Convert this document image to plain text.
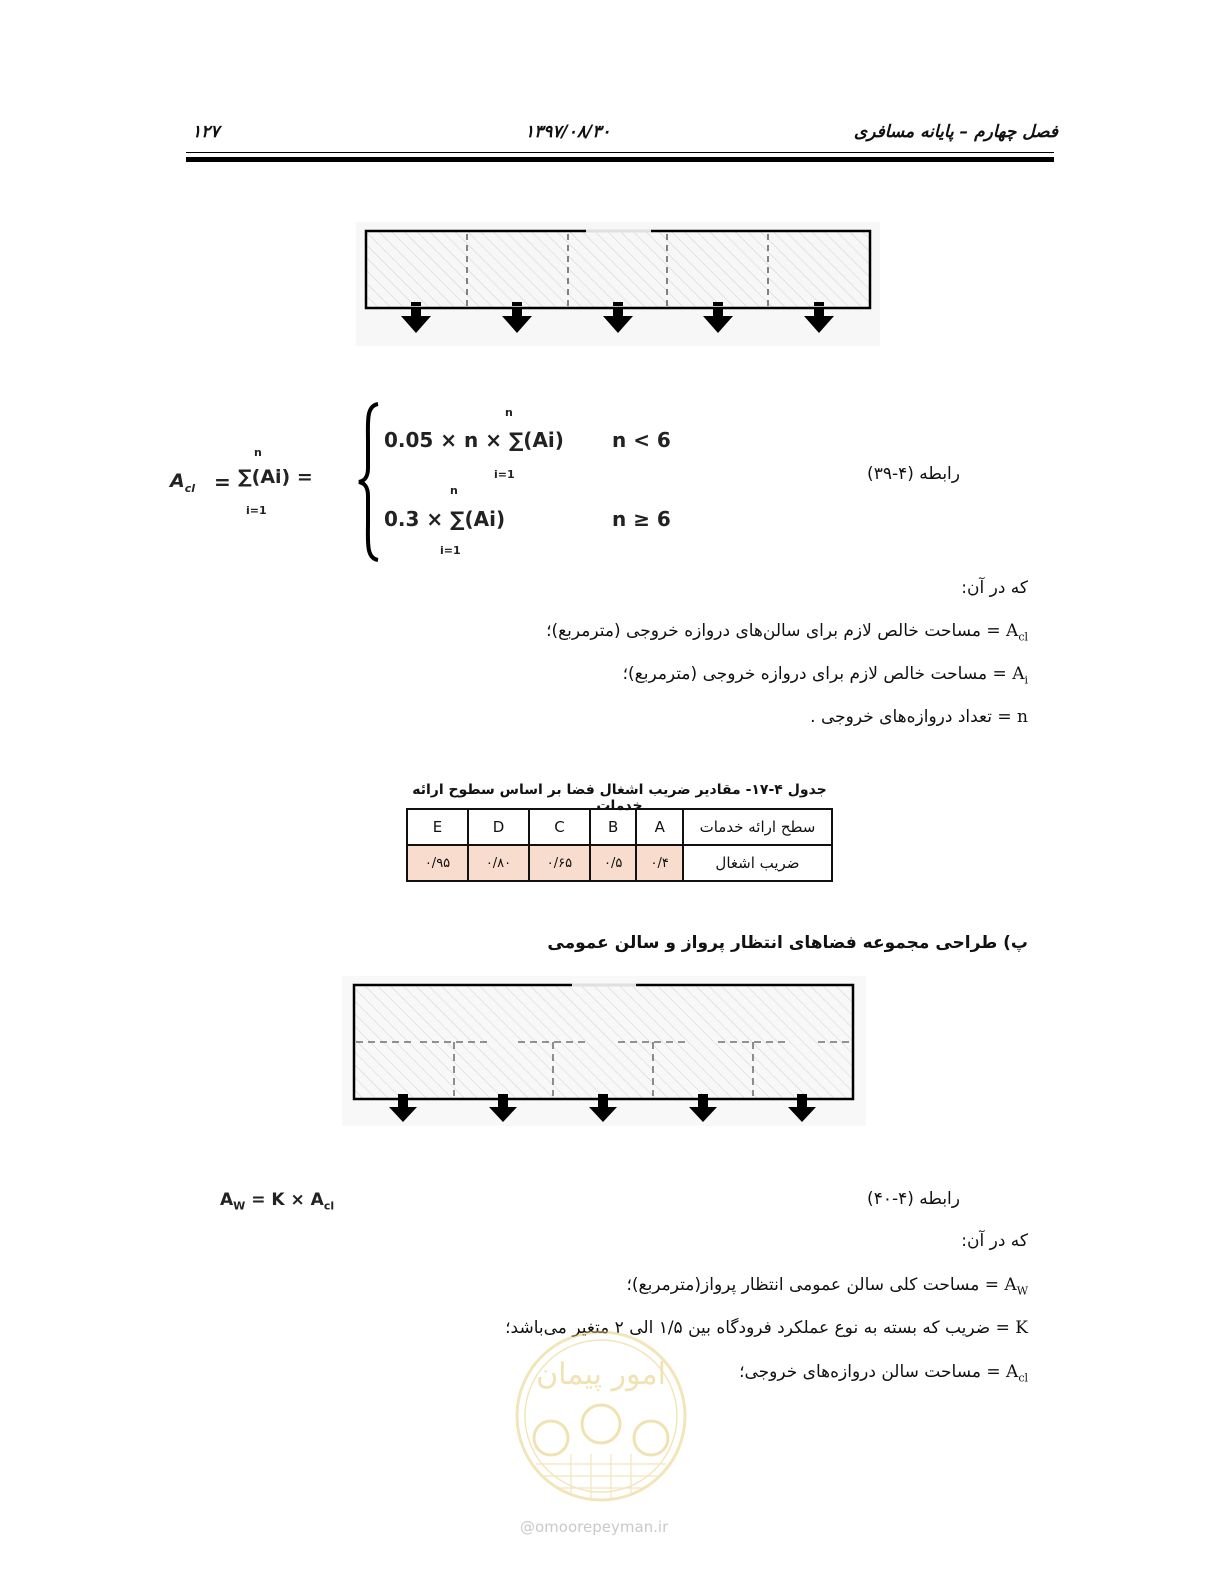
فصل چهارم – پایانه مسافری
۱۳۹۷/۰۸/۳۰
۱۲۷
$A_{cl} = \sum(Ai)$ =
n
i=1
0.05 × n × ∑(Ai)
n
i=1
n < 6
0.3 × ∑(Ai)
n
i=1
n ≥ 6
رابطه (۴-۳۹)
که در آن:
$A_{cl}$ = مساحت خالص لازم برای سالن‌های دروازه خروجی (مترمربع)؛
$A_i$ = مساحت خالص لازم برای دروازه خروجی (مترمربع)؛
n = تعداد دروازه‌های خروجی .
جدول ۴-۱۷- مقادیر ضریب اشغال فضا بر اساس سطوح ارائه خدمات
E	D	C	B	A	سطح ارائه خدمات
۰/۹۵	۰/۸۰	۰/۶۵	۰/۵	۰/۴	ضریب اشغال
پ) طراحی مجموعه فضاهای انتظار پرواز و سالن عمومی
$A_W = K \times A_{cl}$	رابطه (۴-۴۰)
که در آن:
$A_W$ = مساحت کلی سالن عمومی انتظار پرواز(مترمربع)؛
K = ضریب که بسته به نوع عملکرد فرودگاه بین ۱/۵ الی ۲ متغیر می‌باشد؛
$A_{cl}$ = مساحت سالن دروازه‌های خروجی؛
امور پیمان
@omoorepeyman.ir
